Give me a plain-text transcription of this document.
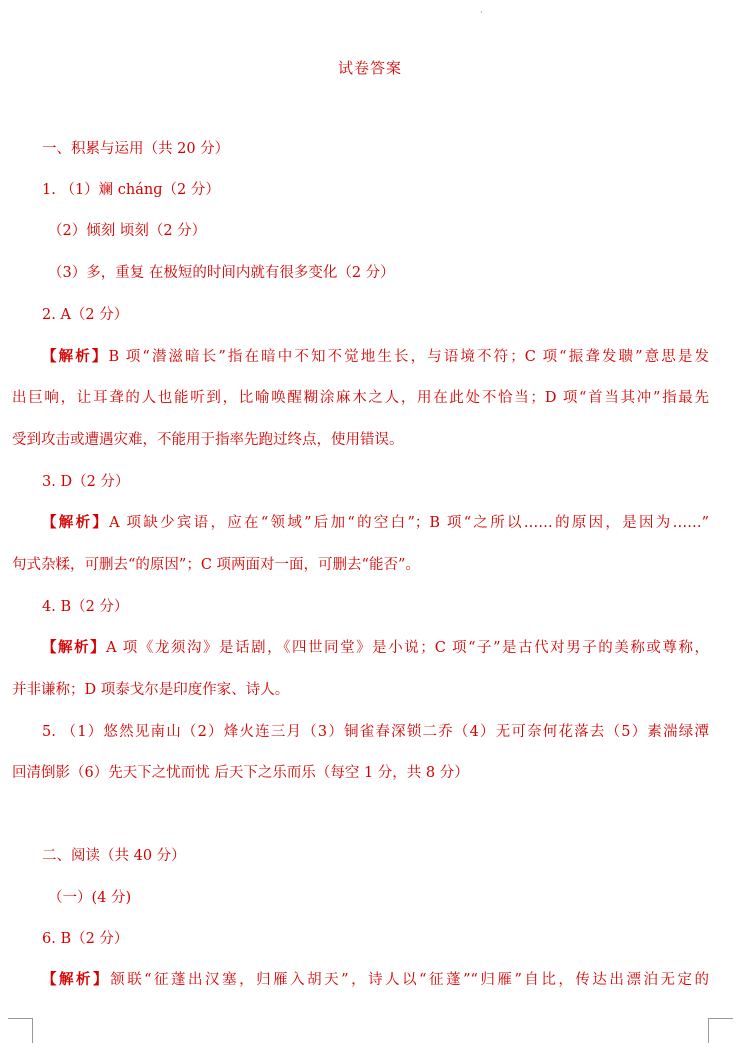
·
试卷答案
一、积累与运用（共 20 分）
1. （1）斓 chánɡ（2 分）
（2）倾刻 顷刻（2 分）
（3）多，重复 在极短的时间内就有很多变化（2 分）
2. A（2 分）
【解析】B 项“潜滋暗长”指在暗中不知不觉地生长，与语境不符；C 项“振聋发聩”意思是发
出巨响，让耳聋的人也能听到，比喻唤醒糊涂麻木之人，用在此处不恰当；D 项“首当其冲”指最先
受到攻击或遭遇灾难，不能用于指率先跑过终点，使用错误。
3. D（2 分）
【解析】A 项缺少宾语，应在“领域”后加“的空白”；B 项“之所以……的原因，是因为……”
句式杂糅，可删去“的原因”；C 项两面对一面，可删去“能否”。
4. B（2 分）
【解析】A 项《龙须沟》是话剧，《四世同堂》是小说；C 项“子”是古代对男子的美称或尊称，
并非谦称；D 项泰戈尔是印度作家、诗人。
5. （1）悠然见南山（2）烽火连三月（3）铜雀春深锁二乔（4）无可奈何花落去（5）素湍绿潭
回清倒影（6）先天下之忧而忧 后天下之乐而乐（每空 1 分，共 8 分）
二、阅读（共 40 分）
（一）(4 分)
6. B（2 分）
【解析】颔联“征蓬出汉塞，归雁入胡天”，诗人以“征蓬”“归雁”自比，传达出漂泊无定的
